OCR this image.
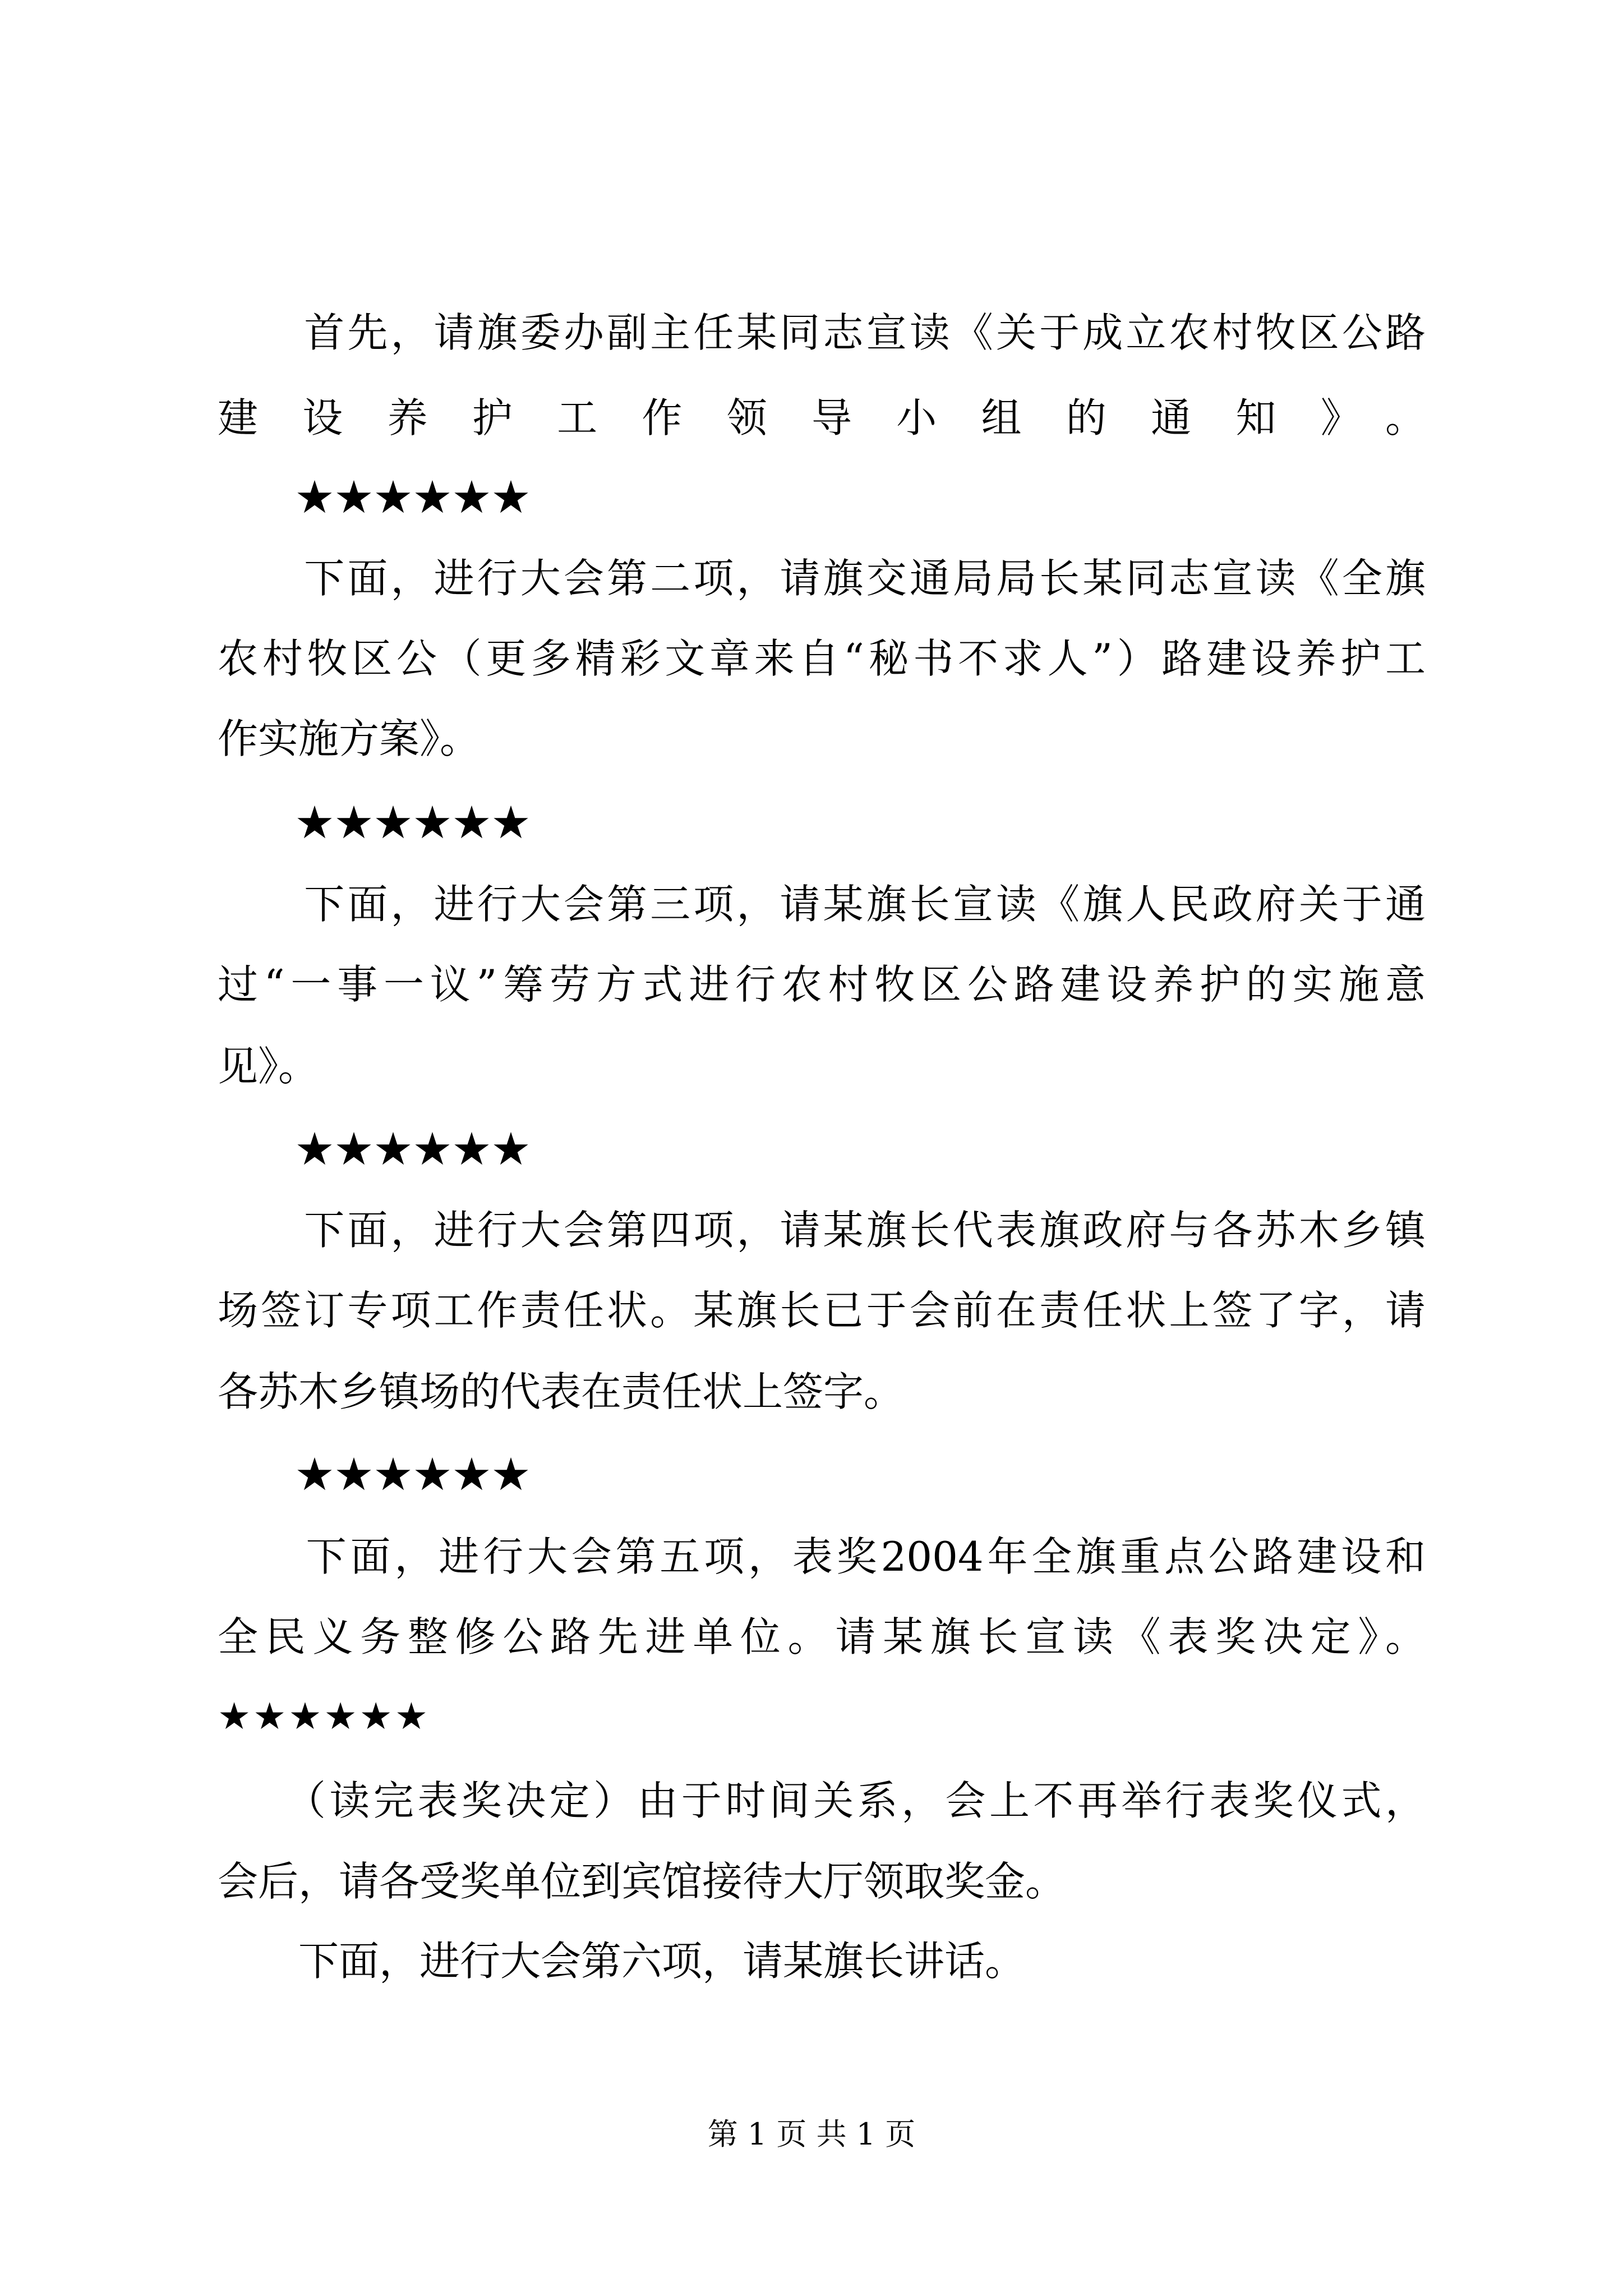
　　首先，请旗委办副主任某同志宣读《关于成立农村牧区公路
建设养护工作领导小组的通知》。
　　★★★★★★
　　下面，进行大会第二项，请旗交通局局长某同志宣读《全旗
农村牧区公（更多精彩文章来自“秘书不求人”）路建设养护工
作实施方案》。
　　★★★★★★
　　下面，进行大会第三项，请某旗长宣读《旗人民政府关于通
过“一事一议”筹劳方式进行农村牧区公路建设养护的实施意
见》。
　　★★★★★★
　　下面，进行大会第四项，请某旗长代表旗政府与各苏木乡镇
场签订专项工作责任状。某旗长已于会前在责任状上签了字，请
各苏木乡镇场的代表在责任状上签字。
　　★★★★★★
　　下面，进行大会第五项，表奖2004年全旗重点公路建设和
全民义务整修公路先进单位。请某旗长宣读《表奖决定》。
★★★★★★
　　（读完表奖决定）由于时间关系，会上不再举行表奖仪式，
会后，请各受奖单位到宾馆接待大厅领取奖金。
　　下面，进行大会第六项，请某旗长讲话。
第 1 页 共 1 页
